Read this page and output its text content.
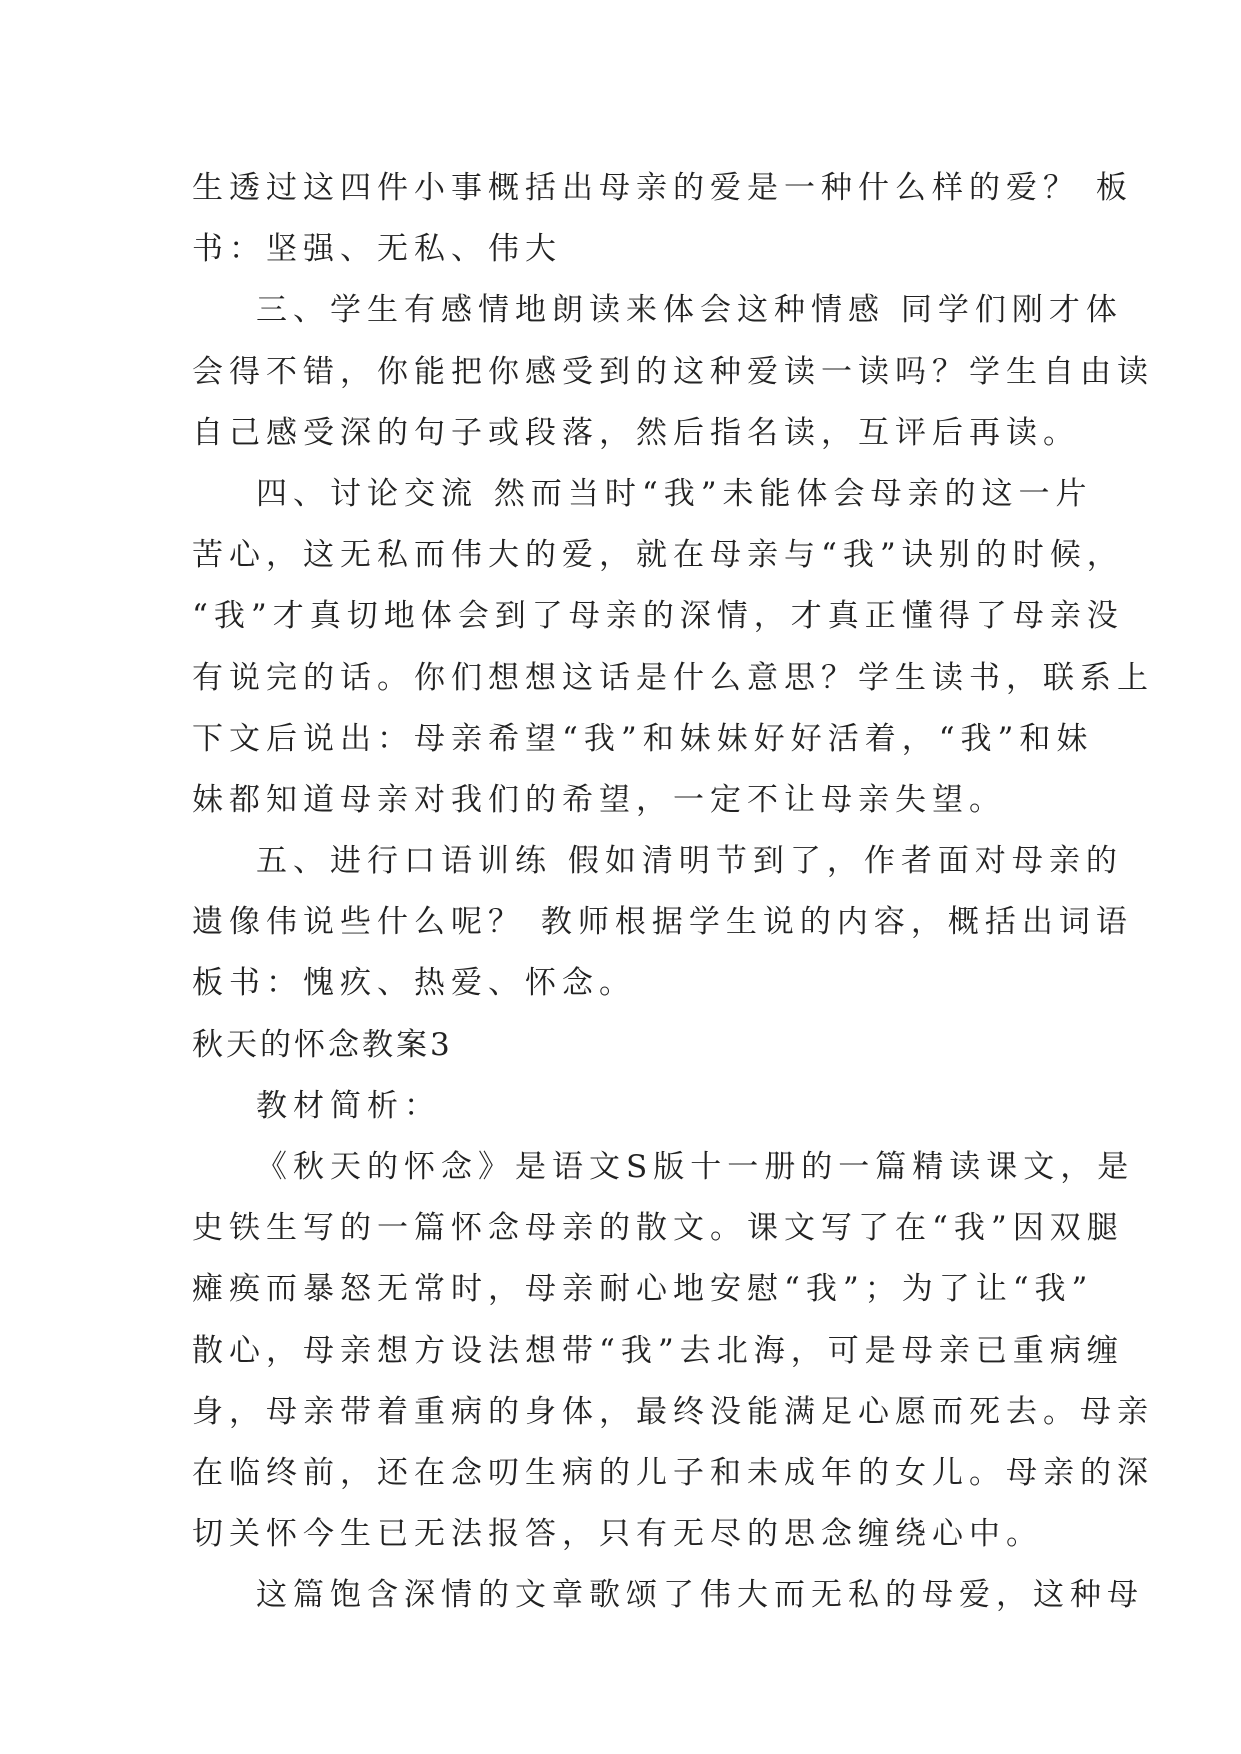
生透过这四件小事概括出母亲的爱是一种什么样的爱？ 板
书：坚强、无私、伟大
三、学生有感情地朗读来体会这种情感 同学们刚才体
会得不错，你能把你感受到的这种爱读一读吗？学生自由读
自己感受深的句子或段落，然后指名读，互评后再读。
四、讨论交流 然而当时“我”未能体会母亲的这一片
苦心，这无私而伟大的爱，就在母亲与“我”诀别的时候，
“我”才真切地体会到了母亲的深情，才真正懂得了母亲没
有说完的话。你们想想这话是什么意思？学生读书，联系上
下文后说出：母亲希望“我”和妹妹好好活着，“我”和妹
妹都知道母亲对我们的希望，一定不让母亲失望。
五、进行口语训练 假如清明节到了，作者面对母亲的
遗像伟说些什么呢？ 教师根据学生说的内容，概括出词语
板书：愧疚、热爱、怀念。
秋天的怀念教案3
教材简析：
《秋天的怀念》是语文S版十一册的一篇精读课文，是
史铁生写的一篇怀念母亲的散文。课文写了在“我”因双腿
瘫痪而暴怒无常时，母亲耐心地安慰“我”；为了让“我”
散心，母亲想方设法想带“我”去北海，可是母亲已重病缠
身，母亲带着重病的身体，最终没能满足心愿而死去。母亲
在临终前，还在念叨生病的儿子和未成年的女儿。母亲的深
切关怀今生已无法报答，只有无尽的思念缠绕心中。
这篇饱含深情的文章歌颂了伟大而无私的母爱，这种母
